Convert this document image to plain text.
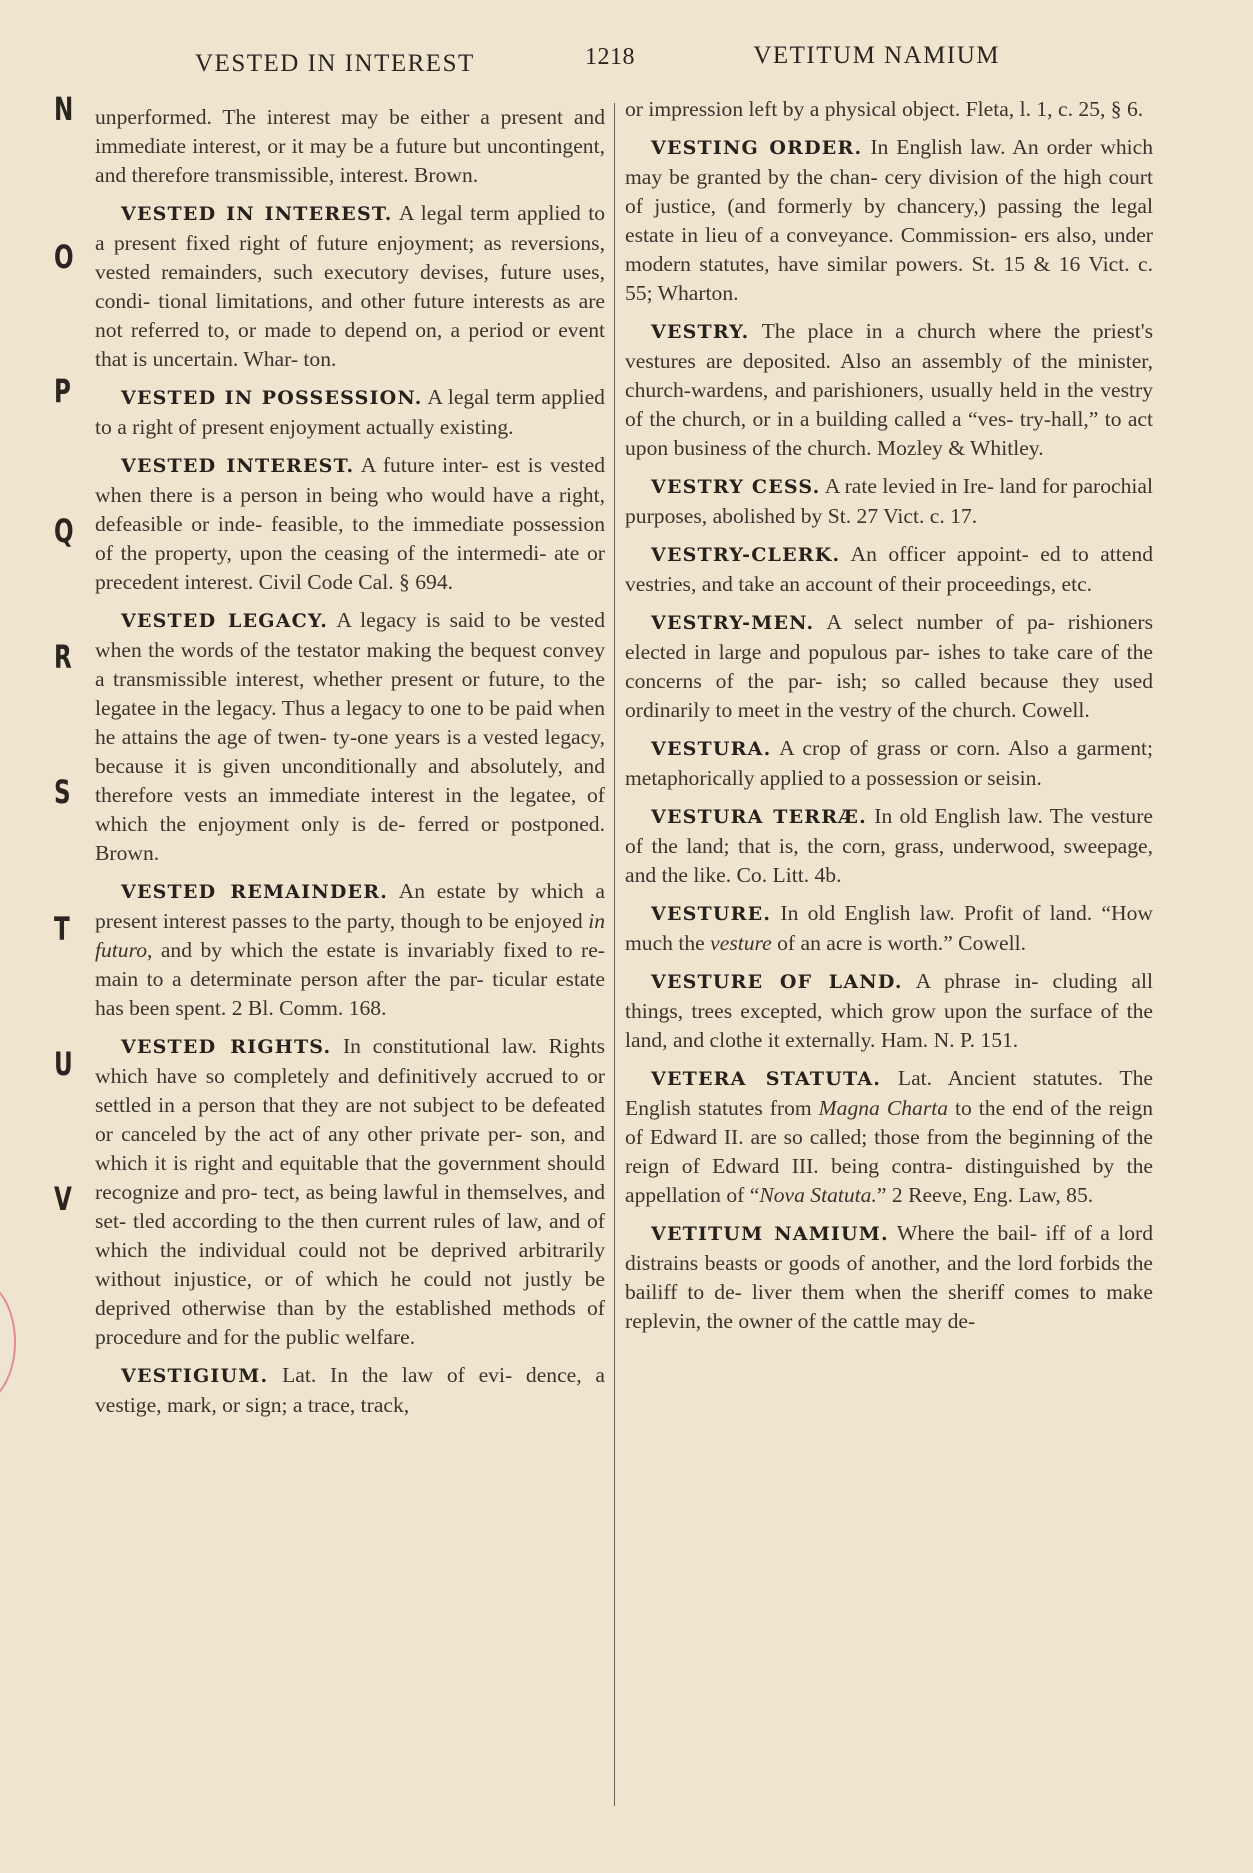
VESTED IN INTEREST	1218	VETITUM NAMIUM
N
O
P
Q
R
S
T
U
V

unperformed. The interest may be either a present and immediate interest, or it may be a future but uncontingent, and therefore transmissible, interest. Brown.

VESTED IN INTEREST. A legal term applied to a present fixed right of future enjoyment; as reversions, vested remainders, such executory devises, future uses, condi- tional limitations, and other future interests as are not referred to, or made to depend on, a period or event that is uncertain. Whar- ton.

VESTED IN POSSESSION. A legal term applied to a right of present enjoyment actually existing.

VESTED INTEREST. A future inter- est is vested when there is a person in being who would have a right, defeasible or inde- feasible, to the immediate possession of the property, upon the ceasing of the intermedi- ate or precedent interest. Civil Code Cal. § 694.

VESTED LEGACY. A legacy is said to be vested when the words of the testator making the bequest convey a transmissible interest, whether present or future, to the legatee in the legacy. Thus a legacy to one to be paid when he attains the age of twen- ty-one years is a vested legacy, because it is given unconditionally and absolutely, and therefore vests an immediate interest in the legatee, of which the enjoyment only is de- ferred or postponed. Brown.

VESTED REMAINDER. An estate by which a present interest passes to the party, though to be enjoyed in futuro, and by which the estate is invariably fixed to re- main to a determinate person after the par- ticular estate has been spent. 2 Bl. Comm. 168.

VESTED RIGHTS. In constitutional law. Rights which have so completely and definitively accrued to or settled in a person that they are not subject to be defeated or canceled by the act of any other private per- son, and which it is right and equitable that the government should recognize and pro- tect, as being lawful in themselves, and set- tled according to the then current rules of law, and of which the individual could not be deprived arbitrarily without injustice, or of which he could not justly be deprived otherwise than by the established methods of procedure and for the public welfare.

VESTIGIUM. Lat. In the law of evi- dence, a vestige, mark, or sign; a trace, track,

or impression left by a physical object. Fleta, l. 1, c. 25, § 6.

VESTING ORDER. In English law. An order which may be granted by the chan- cery division of the high court of justice, (and formerly by chancery,) passing the legal estate in lieu of a conveyance. Commission- ers also, under modern statutes, have similar powers. St. 15 & 16 Vict. c. 55; Wharton.

VESTRY. The place in a church where the priest's vestures are deposited. Also an assembly of the minister, church-wardens, and parishioners, usually held in the vestry of the church, or in a building called a “ves- try-hall,” to act upon business of the church. Mozley & Whitley.

VESTRY CESS. A rate levied in Ire- land for parochial purposes, abolished by St. 27 Vict. c. 17.

VESTRY-CLERK. An officer appoint- ed to attend vestries, and take an account of their proceedings, etc.

VESTRY-MEN. A select number of pa- rishioners elected in large and populous par- ishes to take care of the concerns of the par- ish; so called because they used ordinarily to meet in the vestry of the church. Cowell.

VESTURA. A crop of grass or corn. Also a garment; metaphorically applied to a possession or seisin.

VESTURA TERRÆ. In old English law. The vesture of the land; that is, the corn, grass, underwood, sweepage, and the like. Co. Litt. 4b.

VESTURE. In old English law. Profit of land. “How much the vesture of an acre is worth.” Cowell.

VESTURE OF LAND. A phrase in- cluding all things, trees excepted, which grow upon the surface of the land, and clothe it externally. Ham. N. P. 151.

VETERA STATUTA. Lat. Ancient statutes. The English statutes from Magna Charta to the end of the reign of Edward II. are so called; those from the beginning of the reign of Edward III. being contra- distinguished by the appellation of “Nova Statuta.” 2 Reeve, Eng. Law, 85.

VETITUM NAMIUM. Where the bail- iff of a lord distrains beasts or goods of another, and the lord forbids the bailiff to de- liver them when the sheriff comes to make replevin, the owner of the cattle may de-
